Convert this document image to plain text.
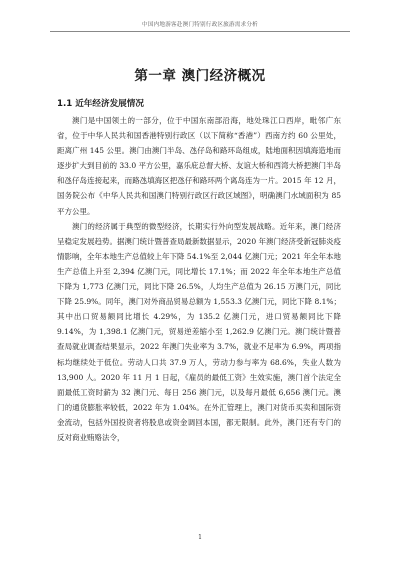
中国内地游客赴澳门特别行政区旅游需求分析
第一章 澳门经济概况
1.1 近年经济发展情况

澳门是中国领土的一部分，位于中国东南部沿海，地处珠江口西岸，毗邻广东省，位于中华人民共和国香港特别行政区（以下简称“香港”）西南方约 60 公里处，距离广州 145 公里。澳门由澳门半岛、氹仔岛和路环岛组成，陆地面积因填海造地而逐步扩大到目前的 33.0 平方公里，嘉乐庇总督大桥、友谊大桥和西湾大桥把澳门半岛和氹仔岛连接起来，而路氹填海区把氹仔和路环两个离岛连为一片。2015 年 12 月，国务院公布《中华人民共和国澳门特别行政区行政区域图》，明确澳门水域面积为 85 平方公里。

澳门的经济属于典型的微型经济，长期实行外向型发展战略。近年来，澳门经济呈稳定发展趋势。据澳门统计暨普查局最新数据显示，2020 年澳门经济受新冠肺炎疫情影响，全年本地生产总值较上年下降 54.1%至 2,044 亿澳门元；2021 年全年本地生产总值上升至 2,394 亿澳门元，同比增长 17.1%；而 2022 年全年本地生产总值下降为 1,773 亿澳门元，同比下降 26.5%，人均生产总值为 26.15 万澳门元，同比下降 25.9%。同年，澳门对外商品贸易总额为 1,553.3 亿澳门元，同比下降 8.1%；其中出口贸易额同比增长 4.29%，为 135.2 亿澳门元，进口贸易额同比下降 9.14%，为 1,398.1 亿澳门元，贸易逆差缩小至 1,262.9 亿澳门元。澳门统计暨普查局就业调查结果显示，2022 年澳门失业率为 3.7%，就业不足率为 6.9%，两项指标均继续处于低位。劳动人口共 37.9 万人，劳动力参与率为 68.6%，失业人数为 13,900 人。2020 年 11 月 1 日起，《雇员的最低工资》生效实施，澳门首个法定全面最低工资时薪为 32 澳门元、每日 256 澳门元，以及每月最低 6,656 澳门元。澳门的通货膨胀率较低，2022 年为 1.04%。在外汇管理上，澳门对货币买卖和国际资金流动，包括外国投资者将股息或资金调回本国，都无限制。此外，澳门还有专门的反对商业贿赂法令，

1
